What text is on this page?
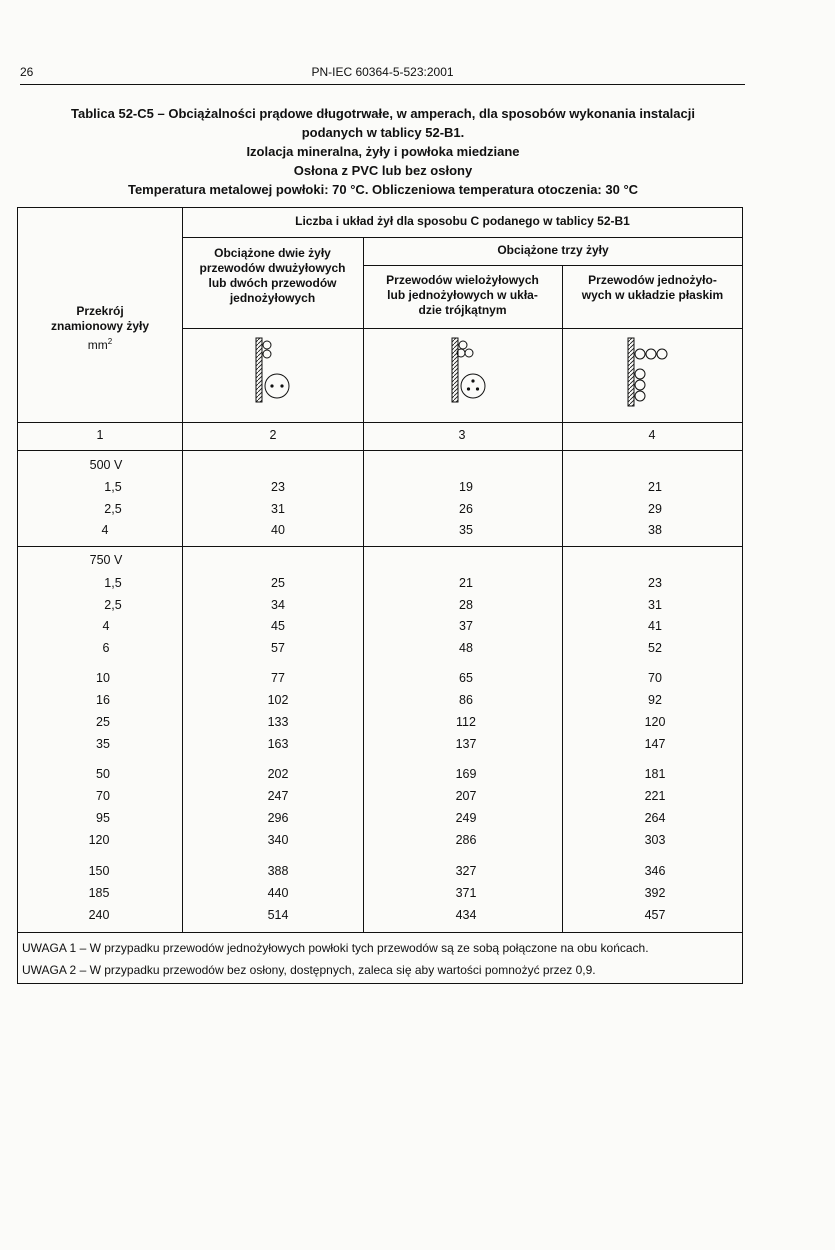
26	PN-IEC 60364-5-523:2001
Tablica 52-C5 – Obciążalności prądowe długotrwałe, w amperach, dla sposobów wykonania instalacji
podanych w tablicy 52-B1.
Izolacja mineralna, żyły i powłoka miedziane
Osłona z PVC lub bez osłony
Temperatura metalowej powłoki: 70 °C. Obliczeniowa temperatura otoczenia: 30 °C
Przekrój
znamionowy żyły
$mm^2$
Liczba i układ żył dla sposobu C podanego w tablicy 52-B1
Obciążone dwie żyły
przewodów dwużyłowych
lub dwóch przewodów
jednożyłowych
Obciążone trzy żyły
Przewodów wielożyłowych
lub jednożyłowych w ukła-
dzie trójkątnym
Przewodów jednożyło-
wych w układzie płaskim
1	2	3	4
500 V
1,5	23	19	21
2,5	31	26	29
4	40	35	38
750 V
1,5	25	21	23
2,5	34	28	31
4	45	37	41
6	57	48	52
10	77	65	70
16	102	86	92
25	133	112	120
35	163	137	147
50	202	169	181
70	247	207	221
95	296	249	264
120	340	286	303
150	388	327	346
185	440	371	392
240	514	434	457
UWAGA 1 – W przypadku przewodów jednożyłowych powłoki tych przewodów są ze sobą połączone na obu końcach.
UWAGA 2 – W przypadku przewodów bez osłony, dostępnych, zaleca się aby wartości pomnożyć przez 0,9.
